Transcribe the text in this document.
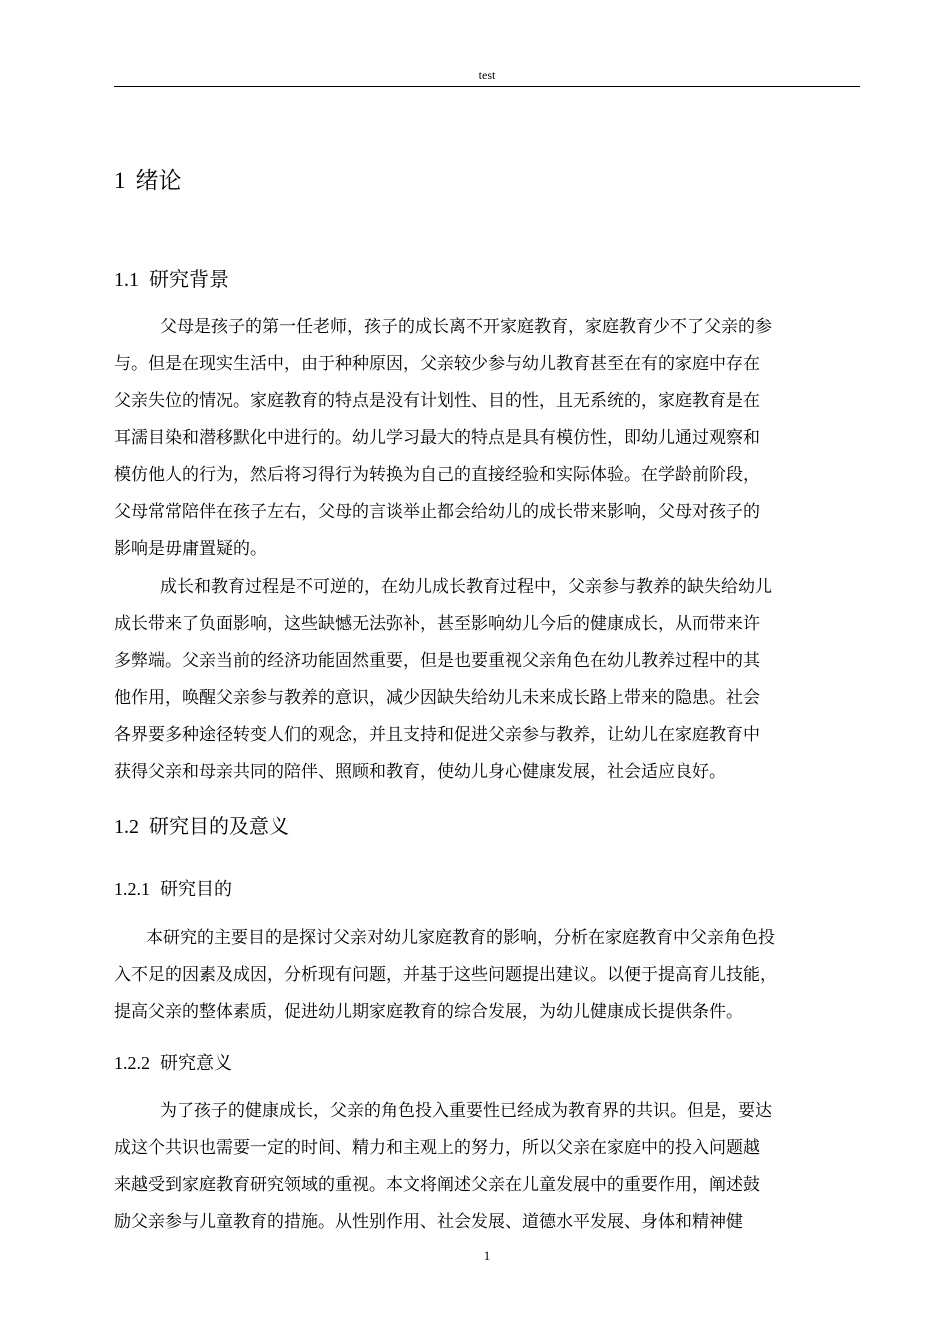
test
1 绪论
1.1 研究背景
父母是孩子的第一任老师，孩子的成长离不开家庭教育，家庭教育少不了父亲的参
与。但是在现实生活中，由于种种原因，父亲较少参与幼儿教育甚至在有的家庭中存在
父亲失位的情况。家庭教育的特点是没有计划性、目的性，且无系统的，家庭教育是在
耳濡目染和潜移默化中进行的。幼儿学习最大的特点是具有模仿性，即幼儿通过观察和
模仿他人的行为，然后将习得行为转换为自己的直接经验和实际体验。在学龄前阶段，
父母常常陪伴在孩子左右，父母的言谈举止都会给幼儿的成长带来影响，父母对孩子的
影响是毋庸置疑的。
成长和教育过程是不可逆的，在幼儿成长教育过程中，父亲参与教养的缺失给幼儿
成长带来了负面影响，这些缺憾无法弥补，甚至影响幼儿今后的健康成长，从而带来许
多弊端。父亲当前的经济功能固然重要，但是也要重视父亲角色在幼儿教养过程中的其
他作用，唤醒父亲参与教养的意识，减少因缺失给幼儿未来成长路上带来的隐患。社会
各界要多种途径转变人们的观念，并且支持和促进父亲参与教养，让幼儿在家庭教育中
获得父亲和母亲共同的陪伴、照顾和教育，使幼儿身心健康发展，社会适应良好。
1.2 研究目的及意义
1.2.1 研究目的
本研究的主要目的是探讨父亲对幼儿家庭教育的影响，分析在家庭教育中父亲角色投
入不足的因素及成因，分析现有问题，并基于这些问题提出建议。以便于提高育儿技能，
提高父亲的整体素质，促进幼儿期家庭教育的综合发展，为幼儿健康成长提供条件。
1.2.2 研究意义
为了孩子的健康成长，父亲的角色投入重要性已经成为教育界的共识。但是，要达
成这个共识也需要一定的时间、精力和主观上的努力，所以父亲在家庭中的投入问题越
来越受到家庭教育研究领域的重视。本文将阐述父亲在儿童发展中的重要作用，阐述鼓
励父亲参与儿童教育的措施。从性别作用、社会发展、道德水平发展、身体和精神健
1
